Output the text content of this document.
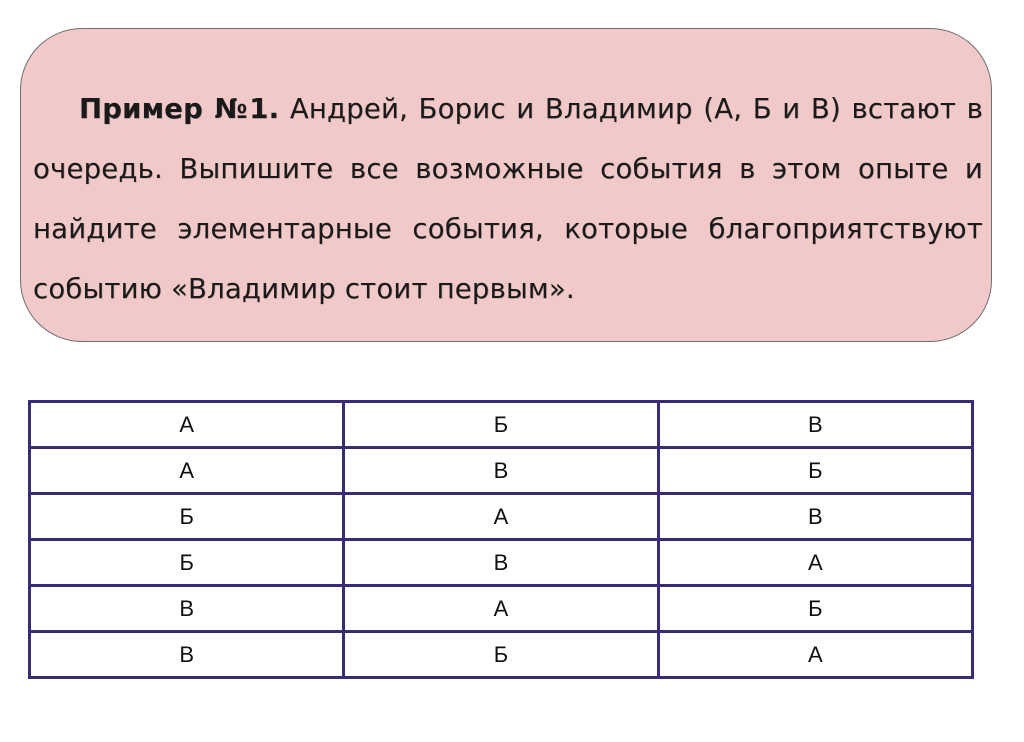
Пример №1. Андрей, Борис и Владимир (А, Б и В) встают в очередь. Выпишите все возможные события в этом опыте и найдите элементарные события, которые благоприятствуют событию «Владимир стоит первым».

А	Б	В
А	В	Б
Б	А	В
Б	В	А
В	А	Б
В	Б	А
